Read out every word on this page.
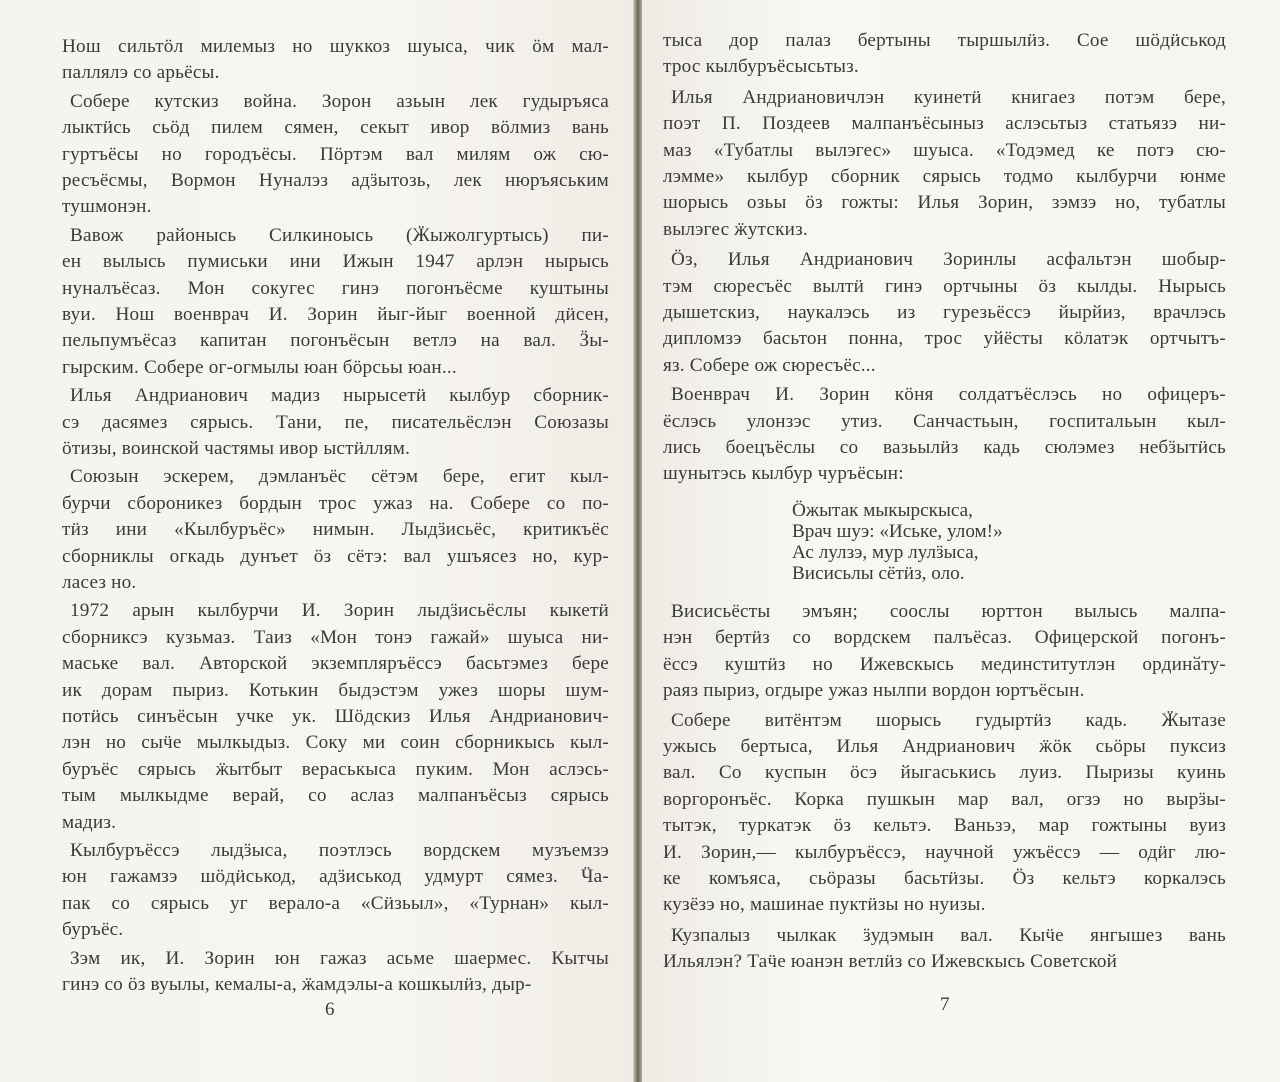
Нош сильтӧл милемыз но шуккоз шуыса, чик ӧм мал-
паллялэ со арьёсы.
Собере кутскиз война. Зорон азьын лек гудыръяса
лыктӥсь сьӧд пилем сямен, секыт ивор вӧлмиз вань
гуртъёсы но городъёсы. Пӧртэм вал милям ож сю-
ресъёсмы, Вормон Нуналэз адӟытозь, лек нюръяським
тушмонэн.
Вавож районысь Силкиноысь (Ӝыжолгуртысь) пи-
ен вылысь пумиськи ини Ижын 1947 арлэн нырысь
нуналъёсаз. Мон сокугес гинэ погонъёсме куштыны
вуи. Нош военврач И. Зорин йыг-йыг военной дӥсен,
пельпумъёсаз капитан погонъёсын ветлэ на вал. Ӟы-
гырским. Собере ог-огмылы юан бӧрсьы юан...
Илья Андрианович мадиз нырысетӥ кылбур сборник-
сэ дасямез сярысь. Тани, пе, писательёслэн Союзазы
ӧтизы, воинской частямы ивор ыстӥллям.
Союзын эскерем, дэмланъёс сётэм бере, егит кыл-
бурчи сбороникез бордын трос ужаз на. Собере со по-
тӥз ини «Кылбуръёс» нимын. Лыдӟисьёс, критикъёс
сборниклы огкадь дунъет ӧз сётэ: вал ушъясез но, кур-
ласез но.
1972 арын кылбурчи И. Зорин лыдӟисьёслы кыкетӥ
сборниксэ кузьмаз. Таиз «Мон тонэ гажай» шуыса ни-
маське вал. Авторской экземпляръёссэ басьтэмез бере
ик дорам пыриз. Котькин быдэстэм ужез шоры шум-
потӥсь синъёсын учке ук. Шӧдскиз Илья Андрианович-
лэн но сыӵе мылкыдыз. Соку ми соин сборникысь кыл-
буръёс сярысь ӝытбыт вераськыса пуким. Мон аслэсь-
тым мылкыдме верай, со аслаз малпанъёсыз сярысь
мадиз.
Кылбуръёссэ лыдӟыса, поэтлэсь вордскем музъемзэ
юн гажамзэ шӧдӥськод, адӟиськод удмурт сямез. Ӵа-
пак со сярысь уг верало-а «Сӥзьыл», «Турнан» кыл-
буръёс.
Зэм ик, И. Зорин юн гажаз асьме шаермес. Кытчы
гинэ со ӧз вуылы, кемалы-а, ӝамдэлы-а кошкылӥз, дыр-
тыса дор палаз бертыны тыршылӥз. Сое шӧдӥськод
трос кылбуръёсысьтыз.
Илья Андриановичлэн куинетӥ книгаез потэм бере,
поэт П. Поздеев малпанъёсыныз аслэсьтыз статьязэ ни-
маз «Тубатлы вылэгес» шуыса. «Тодэмед ке потэ сю-
лэмме» кылбур сборник сярысь тодмо кылбурчи юнме
шорысь озьы ӧз гожты: Илья Зорин, зэмзэ но, тубатлы
вылэгес ӝутскиз.
Ӧз, Илья Андрианович Зоринлы асфальтэн шобыр-
тэм сюресъёс вылтӥ гинэ ортчыны ӧз кылды. Нырысь
дышетскиз, наукалэсь из гурезьёссэ йырйиз, врачлэсь
дипломзэ басьтон понна, трос уйёсты кӧлатэк ортчытъ-
яз. Собере ож сюресъёс...
Военврач И. Зорин кӧня солдатъёслэсь но офицеръ-
ёслэсь улонзэс утиз. Санчастьын, госпитальын кыл-
лись боецъёслы со вазьылӥз кадь сюлэмез небӟытӥсь
шунытэсь кылбур чуръёсын:
Висисьёсты эмъян; сооcлы юрттон вылысь малпа-
нэн бертӥз со вордскем палъёсаз. Офицерской погонъ-
ёссэ куштӥз но Ижевскысь мединститутлэн ординӑту-
раяз пыриз, огдыре ужаз нылпи вордон юртъёсын.
Собере витёнтэм шорысь гудыртӥз кадь. Ӝытазе
ужысь бертыса, Илья Андрианович ӝӧк сьӧры пуксиз
вал. Со куспын ӧсэ йыгаськись луиз. Пыризы куинь
воргоронъёс. Корка пушкын мар вал, огзэ но вырӟы-
тытэк, туркатэк ӧз кельтэ. Ваньзэ, мар гожтыны вуиз
И. Зорин,— кылбуръёссэ, научной ужъёссэ — одӥг лю-
ке комъяса, сьӧразы басьтӥзы. Ӧз кельтэ коркалэсь
кузёзэ но, машинае пуктӥзы но нуизы.
Кузпалыз чылкак ӟудэмын вал. Кыӵе янгышез вань
Ильялэн? Таӵе юанэн ветлӥз со Ижевскысь Советской
Ӧжытак мыкырскыса,
Врач шуэ: «Иське, улом!»
Ас лулзэ, мур лулӟыса,
Висисьлы сётӥз, оло.
6	7
